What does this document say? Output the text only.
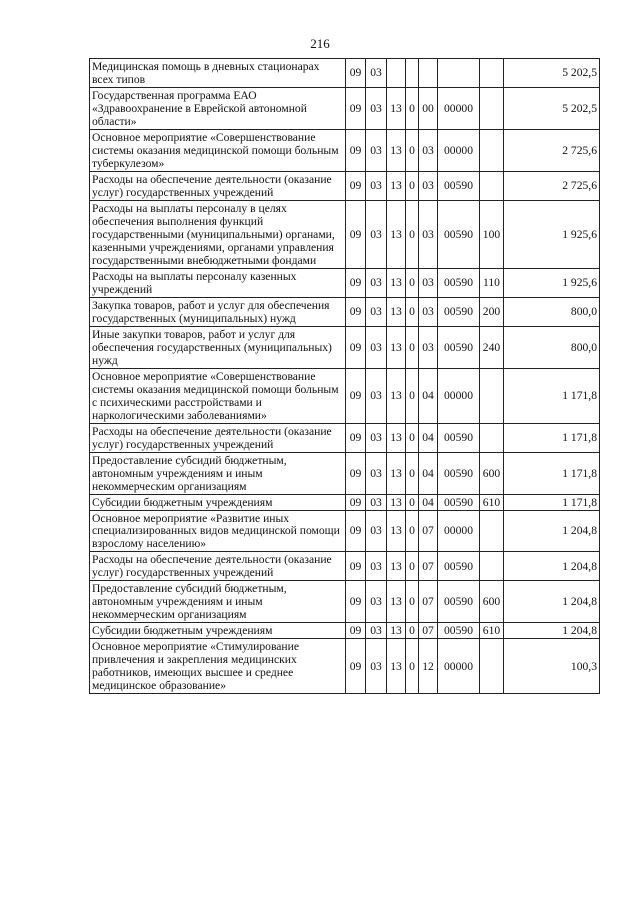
216
Медицинская помощь в дневных стационарах всех типов	09	03						5 202,5
Государственная программа ЕАО «Здравоохранение в Еврейской автономной области»	09	03	13	0	00	00000		5 202,5
Основное мероприятие «Совершенствование системы оказания медицинской помощи больным туберкулезом»	09	03	13	0	03	00000		2 725,6
Расходы на обеспечение деятельности (оказание услуг) государственных учреждений	09	03	13	0	03	00590		2 725,6
Расходы на выплаты персоналу в целях обеспечения выполнения функций государственными (муниципальными) органами, казенными учреждениями, органами управления государственными внебюджетными фондами	09	03	13	0	03	00590	100	1 925,6
Расходы на выплаты персоналу казенных учреждений	09	03	13	0	03	00590	110	1 925,6
Закупка товаров, работ и услуг для обеспечения государственных (муниципальных) нужд	09	03	13	0	03	00590	200	800,0
Иные закупки товаров, работ и услуг для обеспечения государственных (муниципальных) нужд	09	03	13	0	03	00590	240	800,0
Основное мероприятие «Совершенствование системы оказания медицинской помощи больным с психическими расстройствами и наркологическими заболеваниями»	09	03	13	0	04	00000		1 171,8
Расходы на обеспечение деятельности (оказание услуг) государственных учреждений	09	03	13	0	04	00590		1 171,8
Предоставление субсидий бюджетным, автономным учреждениям и иным некоммерческим организациям	09	03	13	0	04	00590	600	1 171,8
Субсидии бюджетным учреждениям	09	03	13	0	04	00590	610	1 171,8
Основное мероприятие «Развитие иных специализированных видов медицинской помощи взрослому населению»	09	03	13	0	07	00000		1 204,8
Расходы на обеспечение деятельности (оказание услуг) государственных учреждений	09	03	13	0	07	00590		1 204,8
Предоставление субсидий бюджетным, автономным учреждениям и иным некоммерческим организациям	09	03	13	0	07	00590	600	1 204,8
Субсидии бюджетным учреждениям	09	03	13	0	07	00590	610	1 204,8
Основное мероприятие «Стимулирование привлечения и закрепления медицинских работников, имеющих высшее и среднее медицинское образование»	09	03	13	0	12	00000		100,3
